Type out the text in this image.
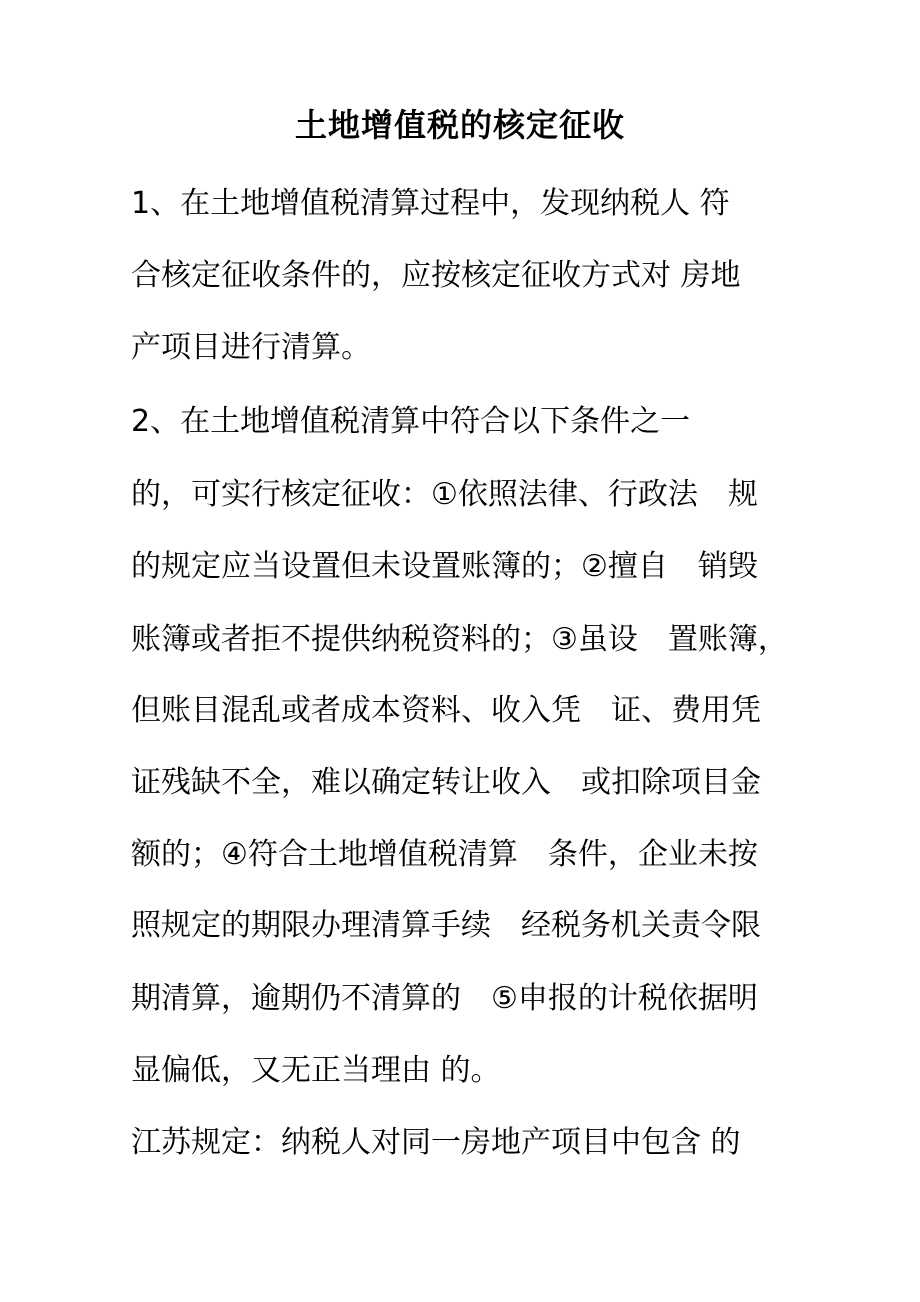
土地增值税的核定征收
1、在土地增值税清算过程中，发现纳税人 符
合核定征收条件的，应按核定征收方式对 房地
产项目进行清算。
2、在土地增值税清算中符合以下条件之一
的，可实行核定征收：①依照法律、行政法　规
的规定应当设置但未设置账簿的；②擅自　销毁
账簿或者拒不提供纳税资料的；③虽设　置账簿，
但账目混乱或者成本资料、收入凭　证、费用凭
证残缺不全，难以确定转让收入　或扣除项目金
额的；④符合土地增值税清算　条件，企业未按
照规定的期限办理清算手续　经税务机关责令限
期清算，逾期仍不清算的　⑤申报的计税依据明
显偏低，又无正当理由 的。
江苏规定：纳税人对同一房地产项目中包含 的
